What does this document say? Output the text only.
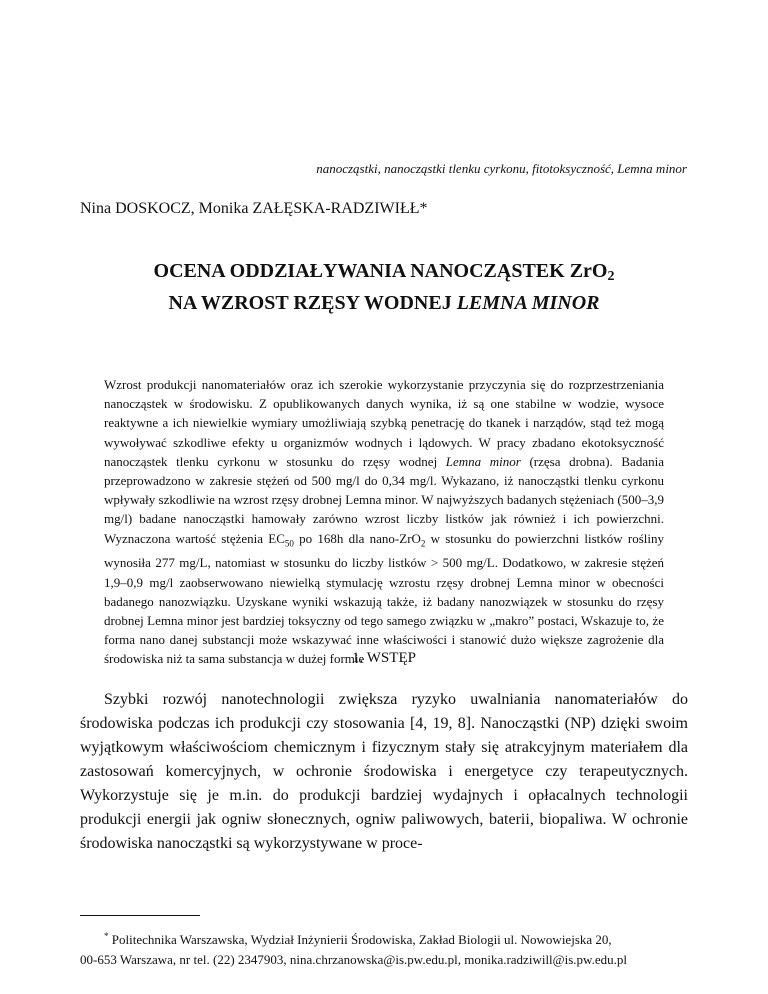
nanocząstki, nanocząstki tlenku cyrkonu, fitotoksyczność, Lemna minor
Nina DOSKOCZ, Monika ZAŁĘSKA-RADZIWIŁŁ*
OCENA ODDZIAŁYWANIA NANOCZĄSTEK ZrO$_2$
NA WZROST RZĘSY WODNEJ LEMNA MINOR

Wzrost produkcji nanomateriałów oraz ich szerokie wykorzystanie przyczynia się do rozprzestrzeniania nanocząstek w środowisku. Z opublikowanych danych wynika, iż są one stabilne w wodzie, wysoce reaktywne a ich niewielkie wymiary umożliwiają szybką penetrację do tkanek i narządów, stąd też mogą wywoływać szkodliwe efekty u organizmów wodnych i lądowych. W pracy zbadano ekotoksyczność nanocząstek tlenku cyrkonu w stosunku do rzęsy wodnej Lemna minor (rzęsa drobna). Badania przeprowadzono w zakresie stężeń od 500 mg/l do 0,34 mg/l. Wykazano, iż nanocząstki tlenku cyrkonu wpływały szkodliwie na wzrost rzęsy drobnej Lemna minor. W najwyższych badanych stężeniach (500–3,9 mg/l) badane nanocząstki hamowały zarówno wzrost liczby listków jak również i ich powierzchni. Wyznaczona wartość stężenia $EC_{50}$ po 168h dla nano-ZrO$_2$ w stosunku do powierzchni listków rośliny wynosiła 277 mg/L, natomiast w stosunku do liczby listków > 500 mg/L. Dodatkowo, w zakresie stężeń 1,9–0,9 mg/l zaobserwowano niewielką stymulację wzrostu rzęsy drobnej Lemna minor w obecności badanego nanozwiązku. Uzyskane wyniki wskazują także, iż badany nanozwiązek w stosunku do rzęsy drobnej Lemna minor jest bardziej toksyczny od tego samego związku w „makro” postaci, Wskazuje to, że forma nano danej substancji może wskazywać inne właściwości i stanowić dużo większe zagrożenie dla środowiska niż ta sama substancja w dużej formie

1. WSTĘP

Szybki rozwój nanotechnologii zwiększa ryzyko uwalniania nanomateriałów do środowiska podczas ich produkcji czy stosowania [4, 19, 8]. Nanocząstki (NP) dzięki swoim wyjątkowym właściwościom chemicznym i fizycznym stały się atrakcyjnym materiałem dla zastosowań komercyjnych, w ochronie środowiska i energetyce czy terapeutycznych. Wykorzystuje się je m.in. do produkcji bardziej wydajnych i opłacalnych technologii produkcji energii jak ogniw słonecznych, ogniw paliwowych, baterii, biopaliwa. W ochronie środowiska nanocząstki są wykorzystywane w proce-

* Politechnika Warszawska, Wydział Inżynierii Środowiska, Zakład Biologii ul. Nowowiejska 20,
00-653 Warszawa, nr tel. (22) 2347903, nina.chrzanowska@is.pw.edu.pl, monika.radziwill@is.pw.edu.pl
